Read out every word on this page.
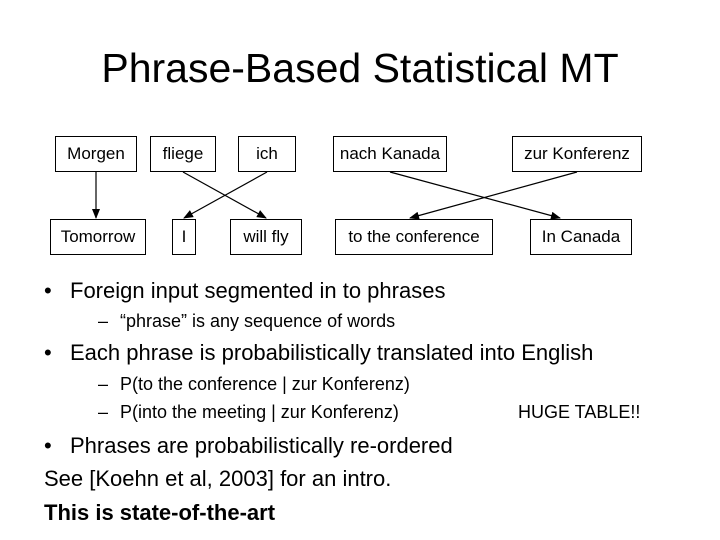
Phrase-Based Statistical MT
Morgen	fliege	ich	nach Kanada	zur Konferenz
Tomorrow	I	will fly	to the conference	In Canada
• Foreign input segmented in to phrases
– “phrase” is any sequence of words
• Each phrase is probabilistically translated into English
– P(to the conference | zur Konferenz)
– P(into the meeting | zur Konferenz)	HUGE TABLE!!
• Phrases are probabilistically re-ordered
See [Koehn et al, 2003] for an intro.
This is state-of-the-art
